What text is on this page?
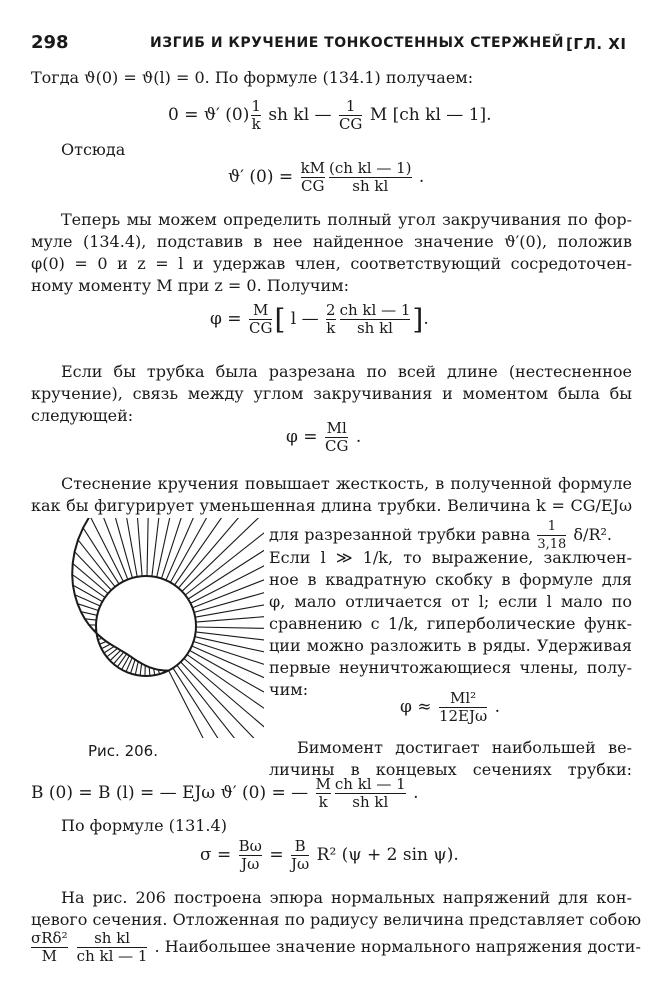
298	ИЗГИБ И КРУЧЕНИЕ ТОНКОСТЕННЫХ СТЕРЖНЕЙ [ГЛ. XI
Тогда ϑ(0) = ϑ(l) = 0. По формуле (134.1) получаем:
0 = ϑ′ $(0) \frac{1}{k}$ sh kl — $\frac{1}{CG}$ M [ch kl — 1].
Отсюда
ϑ′ $(0) = \frac{kM}{CG} \frac{\text{(ch kl — 1)}}{\text{sh kl}}$ .
Теперь мы можем определить полный угол закручивания по фор-
муле (134.4), подставив в нее найденное значение ϑ′(0), положив
φ(0) = 0 и z = l и удержав член, соответствующий сосредоточен-
ному моменту M при z = 0. Получим:
$\varphi = \frac{M}{CG}$ [ l — $\frac{2}{k} \frac{\text{ch kl — 1}}{\text{sh kl}}$ ].
Если бы трубка была разрезана по всей длине (нестесненное
кручение), связь между углом закручивания и моментом была бы
следующей:
$\varphi = \frac{Ml}{CG}$ .
Стеснение кручения повышает жесткость, в полученной формуле
как бы фигурирует уменьшенная длина трубки. Величина k = CG/EJω
для разрезанной трубки равна $\frac{1}{3,18} \delta/R^2$.
Если l ≫ 1/k, то выражение, заключен-
ное в квадратную скобку в формуле для
φ, мало отличается от l; если l мало по
сравнению с 1/k, гиперболические функ-
ции можно разложить в ряды. Удерживая
первые неуничтожающиеся члены, полу-
чим:
φ ≈ Ml²
12EJω .
Рис. 206.	Бимомент достигает наибольшей ве-
личины в концевых сечениях трубки:
B (0) = B (l) = — EJω ϑ′ (0) = — $\frac{M}{k} \frac{\text{ch kl — 1}}{\text{sh kl}}$ .
По формуле (131.4)
$\sigma = \frac{B\omega}{J\omega} = \frac{B}{J\omega} R^2$ (ψ + 2 sin ψ).
На рис. 206 построена эпюра нормальных напряжений для кон-
цевого сечения. Отложенная по радиусу величина представляет собою
σRδ²
M
	$\frac{\text{sh kl}}{\text{ch kl — 1}}$ . Наибольшее значение нормального напряжения дости-
